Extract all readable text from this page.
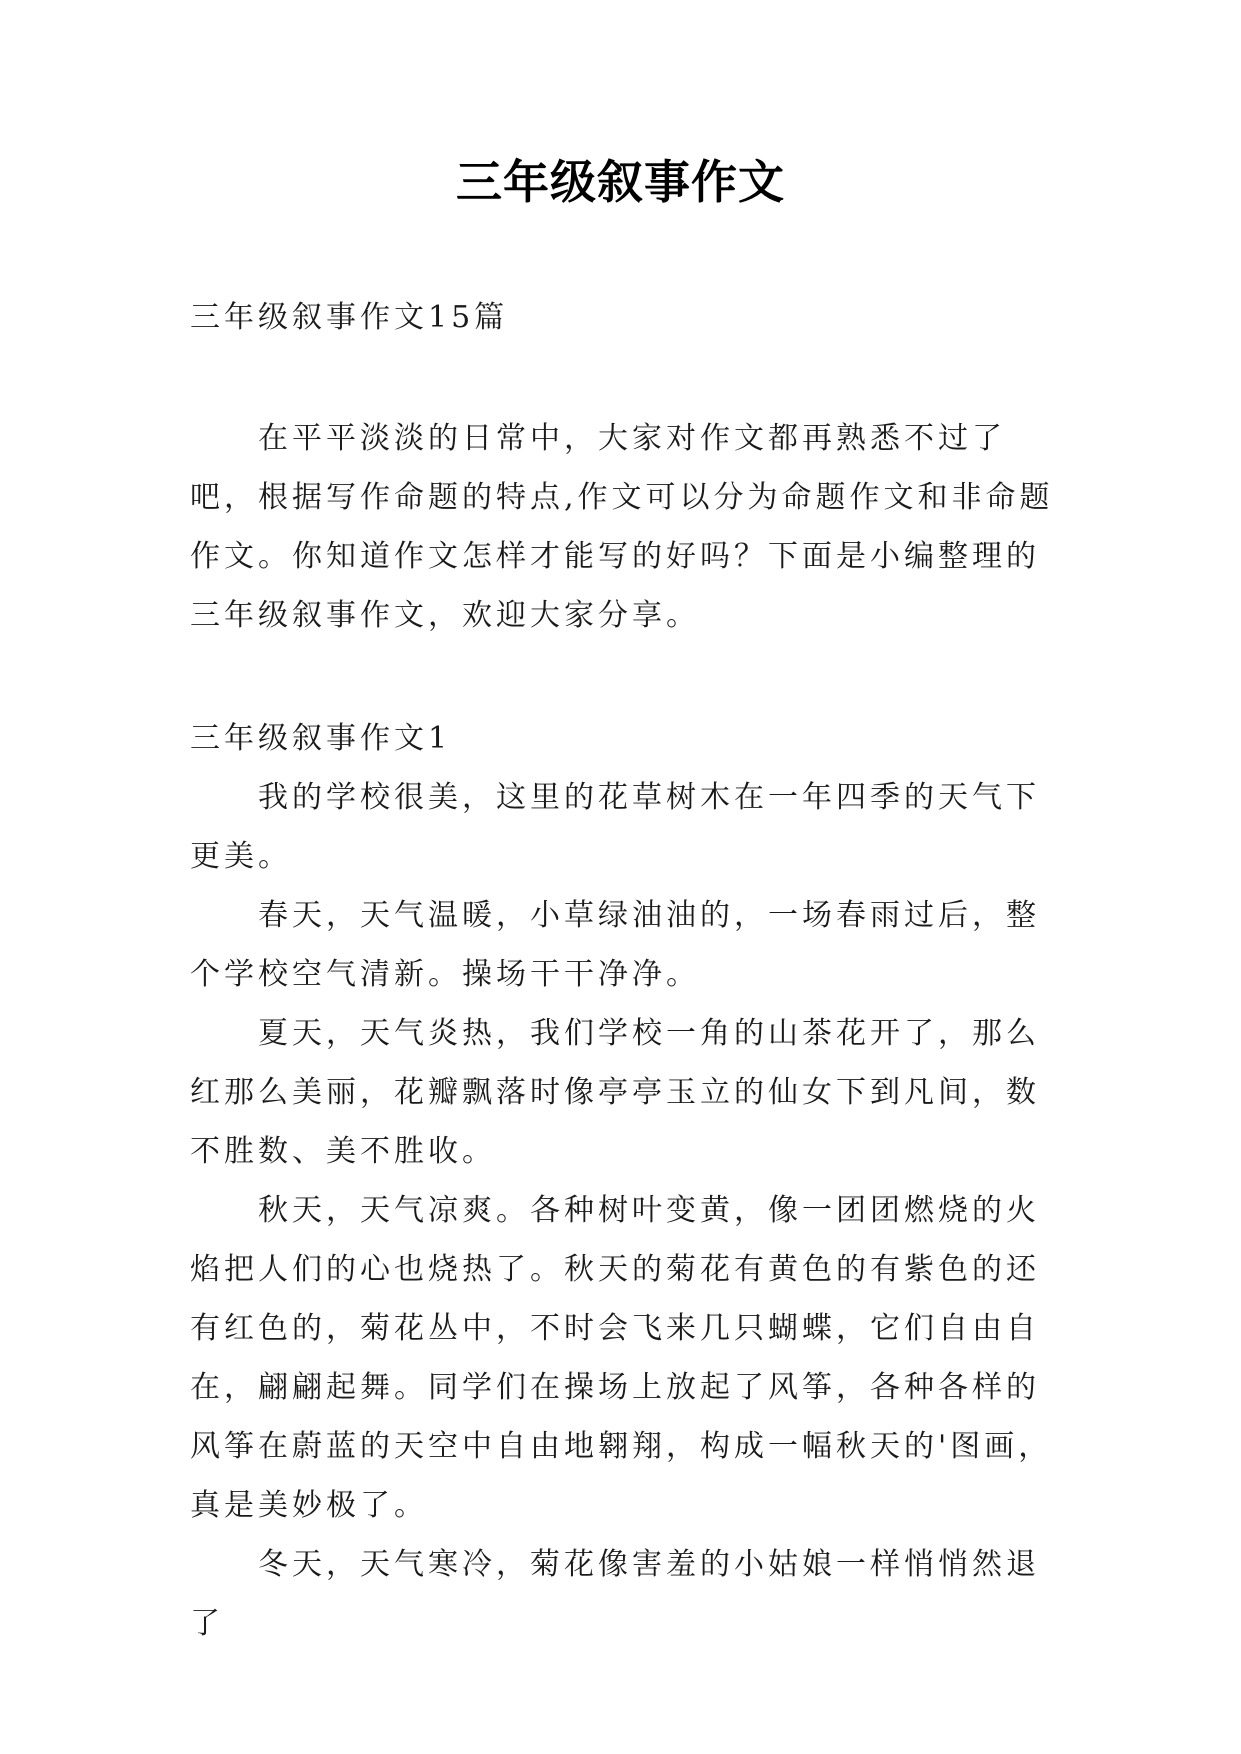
三年级叙事作文

三年级叙事作文15篇

在平平淡淡的日常中，大家对作文都再熟悉不过了吧，根据写作命题的特点,作文可以分为命题作文和非命题作文。你知道作文怎样才能写的好吗？下面是小编整理的三年级叙事作文，欢迎大家分享。

三年级叙事作文1

我的学校很美，这里的花草树木在一年四季的天气下更美。

春天，天气温暖，小草绿油油的，一场春雨过后，整个学校空气清新。操场干干净净。

夏天，天气炎热，我们学校一角的山茶花开了，那么红那么美丽，花瓣飘落时像亭亭玉立的仙女下到凡间，数不胜数、美不胜收。

秋天，天气凉爽。各种树叶变黄，像一团团燃烧的火焰把人们的心也烧热了。秋天的菊花有黄色的有紫色的还有红色的，菊花丛中，不时会飞来几只蝴蝶，它们自由自在，翩翩起舞。同学们在操场上放起了风筝，各种各样的风筝在蔚蓝的天空中自由地翱翔，构成一幅秋天的'图画，真是美妙极了。

冬天，天气寒冷，菊花像害羞的小姑娘一样悄悄然退了
